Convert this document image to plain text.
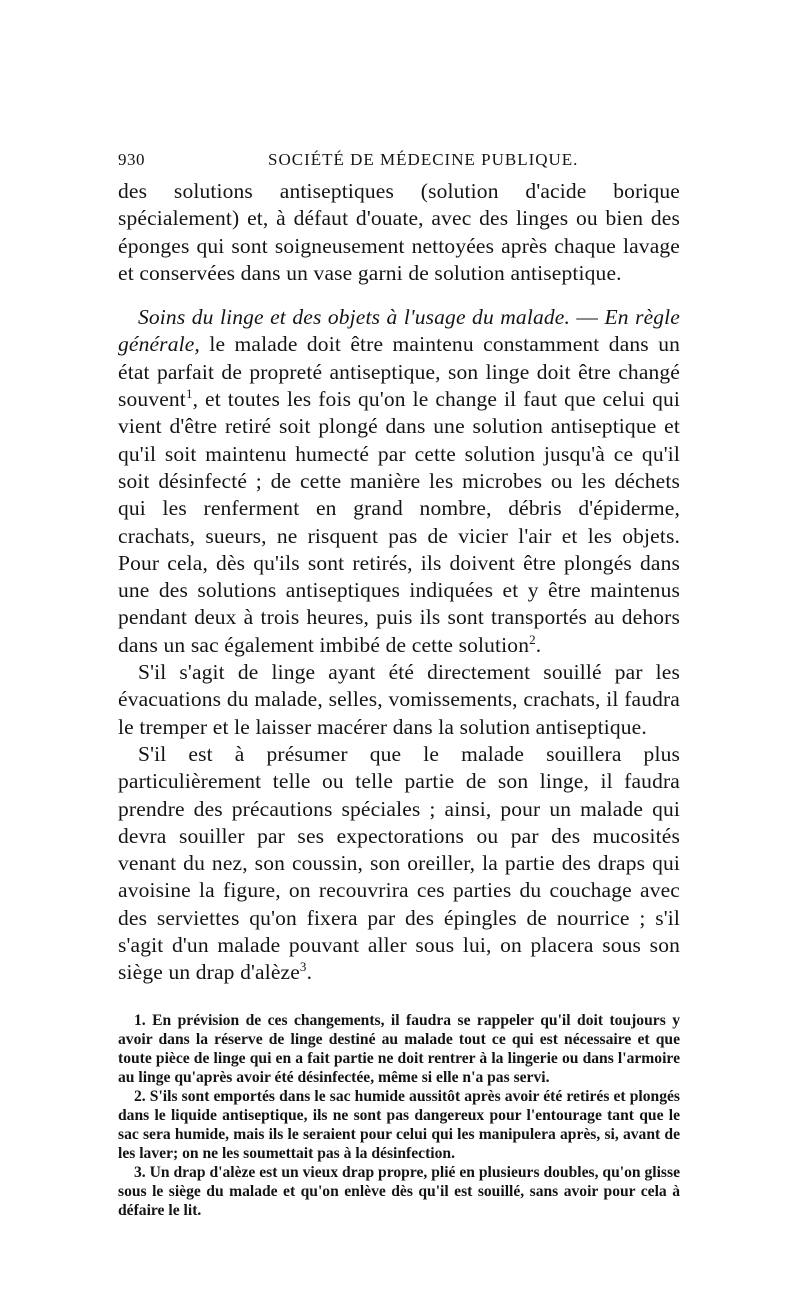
930	SOCIÉTÉ DE MÉDECINE PUBLIQUE.

des solutions antiseptiques (solution d'acide borique spécialement) et, à défaut d'ouate, avec des linges ou bien des éponges qui sont soigneusement nettoyées après chaque lavage et conservées dans un vase garni de solution antiseptique.

Soins du linge et des objets à l'usage du malade. — En règle générale, le malade doit être maintenu constamment dans un état parfait de propreté antiseptique, son linge doit être changé souvent$^1$, et toutes les fois qu'on le change il faut que celui qui vient d'être retiré soit plongé dans une solution antiseptique et qu'il soit maintenu humecté par cette solution jusqu'à ce qu'il soit désinfecté ; de cette manière les microbes ou les déchets qui les renferment en grand nombre, débris d'épiderme, crachats, sueurs, ne risquent pas de vicier l'air et les objets. Pour cela, dès qu'ils sont retirés, ils doivent être plongés dans une des solutions antiseptiques indiquées et y être maintenus pendant deux à trois heures, puis ils sont transportés au dehors dans un sac également imbibé de cette solution$^2$.

S'il s'agit de linge ayant été directement souillé par les évacuations du malade, selles, vomissements, crachats, il faudra le tremper et le laisser macérer dans la solution antiseptique.

S'il est à présumer que le malade souillera plus particulièrement telle ou telle partie de son linge, il faudra prendre des précautions spéciales ; ainsi, pour un malade qui devra souiller par ses expectorations ou par des mucosités venant du nez, son coussin, son oreiller, la partie des draps qui avoisine la figure, on recouvrira ces parties du couchage avec des serviettes qu'on fixera par des épingles de nourrice ; s'il s'agit d'un malade pouvant aller sous lui, on placera sous son siège un drap d'alèze$^3$.

1. En prévision de ces changements, il faudra se rappeler qu'il doit toujours y avoir dans la réserve de linge destiné au malade tout ce qui est nécessaire et que toute pièce de linge qui en a fait partie ne doit rentrer à la lingerie ou dans l'armoire au linge qu'après avoir été désinfectée, même si elle n'a pas servi.

2. S'ils sont emportés dans le sac humide aussitôt après avoir été retirés et plongés dans le liquide antiseptique, ils ne sont pas dangereux pour l'entourage tant que le sac sera humide, mais ils le seraient pour celui qui les manipulera après, si, avant de les laver; on ne les soumettait pas à la désinfection.

3. Un drap d'alèze est un vieux drap propre, plié en plusieurs doubles, qu'on glisse sous le siège du malade et qu'on enlève dès qu'il est souillé, sans avoir pour cela à défaire le lit.
